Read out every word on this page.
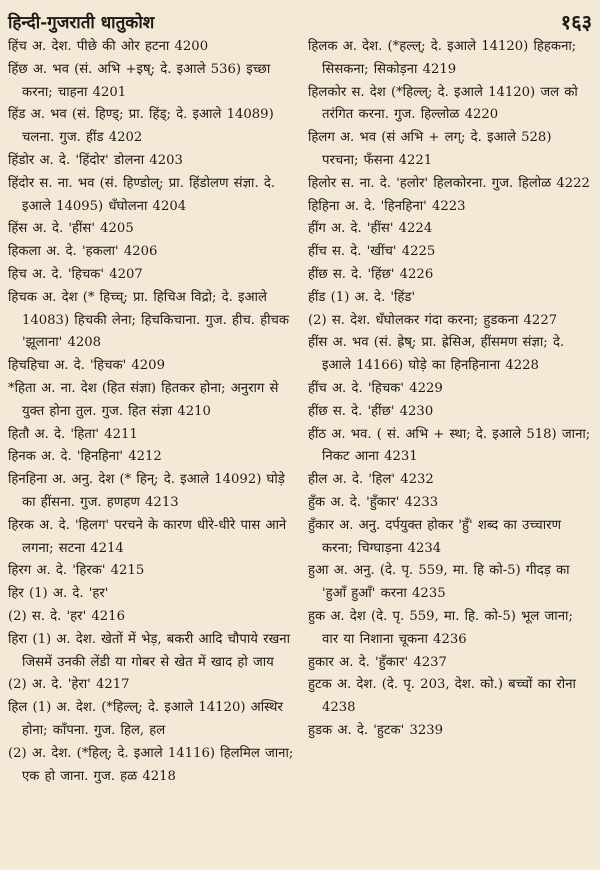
हिन्दी-गुजराती धातुकोश	१६३

हिंच अ. देश. पीछे की ओर हटना 4200

हिंछ अ. भव (सं. अभि +इष्; दे. इआले 536) इच्छा करना; चाहना 4201

हिंड अ. भव (सं. हिण्ड्; प्रा. हिंड्; दे. इआले 14089) चलना. गुज. हींड 4202

हिंडोर अ. दे. 'हिंदोर' डोलना 4203

हिंदोर स. ना. भव (सं. हिण्डोल्; प्रा. हिंडोलण संज्ञा. दे. इआले 14095) धँघोलना 4204

हिंस अ. दे. 'हींस' 4205

हिकला अ. दे. 'हकला' 4206

हिच अ. दे. 'हिचक' 4207

हिचक अ. देश (* हिच्च्; प्रा. हिचिअ विद्रो; दे. इआले 14083) हिचकी लेना; हिचकिचाना. गुज. हीच. हीचक 'झूलाना' 4208

हिचहिचा अ. दे. 'हिचक' 4209

*हिता अ. ना. देश (हित संज्ञा) हितकर होना; अनुराग से युक्त होना तुल. गुज. हित संज्ञा 4210

हितौ अ. दे. 'हिता' 4211

हिनक अ. दे. 'हिनहिना' 4212

हिनहिना अ. अनु. देश (* हिन्; दे. इआले 14092) घोड़े का हींसना. गुज. हणहण 4213

हिरक अ. दे. 'हिलग' परचने के कारण धीरे-धीरे पास आने लगना; सटना 4214

हिरग अ. दे. 'हिरक' 4215

हिर (1) अ. दे. 'हर'

(2) स. दे. 'हर' 4216

हिरा (1) अ. देश. खेतों में भेड़, बकरी आदि चौपाये रखना जिसमें उनकी लेंडी या गोबर से खेत में खाद हो जाय

(2) अ. दे. 'हेरा' 4217

हिल (1) अ. देश. (*हिल्ल्; दे. इआले 14120) अस्थिर होना; काँपना. गुज. हिल, हल

(2) अ. देश. (*हिल्; दे. इआले 14116) हिलमिल जाना; एक हो जाना. गुज. हळ 4218

हिलक अ. देश. (*हल्ल्; दे. इआले 14120) हिहकना; सिसकना; सिकोड़ना 4219

हिलकोर स. देश (*हिल्ल्; दे. इआले 14120) जल को तरंगित करना. गुज. हिल्लोळ 4220

हिलग अ. भव (सं अभि + लग्; दे. इआले 528) परचना; फँसना 4221

हिलोर स. ना. दे. 'हलोर' हिलकोरना. गुज. हिलोळ 4222

हिहिना अ. दे. 'हिनहिना' 4223

हींग अ. दे. 'हींस' 4224

हींच स. दे. 'खींच' 4225

हींछ स. दे. 'हिंछ' 4226

हींड (1) अ. दे. 'हिंड'

(2) स. देश. धँघोलकर गंदा करना; हुडकना 4227

हींस अ. भव (सं. ह्रेष्; प्रा. ह्रेसिअ, हींसमण संज्ञा; दे. इआले 14166) घोड़े का हिनहिनाना 4228

हींच अ. दे. 'हिचक' 4229

हींछ स. दे. 'हींछ' 4230

हींठ अ. भव. ( सं. अभि + स्था; दे. इआले 518) जाना; निकट आना 4231

हील अ. दे. 'हिल' 4232

हुँक अ. दे. 'हुँकार' 4233

हुँकार अ. अनु. दर्पयुक्त होकर 'हुँ' शब्द का उच्चारण करना; चिग्घाड़ना 4234

हुआ अ. अनु. (दे. पृ. 559, मा. हि को-5) गीदड़ का 'हुआँ हुआँ' करना 4235

हुक अ. देश (दे. पृ. 559, मा. हि. को-5) भूल जाना; वार या निशाना चूकना 4236

हुकार अ. दे. 'हुँकार' 4237

हुटक अ. देश. (दे. पृ. 203, देश. को.) बच्चों का रोना 4238

हुडक अ. दे. 'हुटक' 3239
